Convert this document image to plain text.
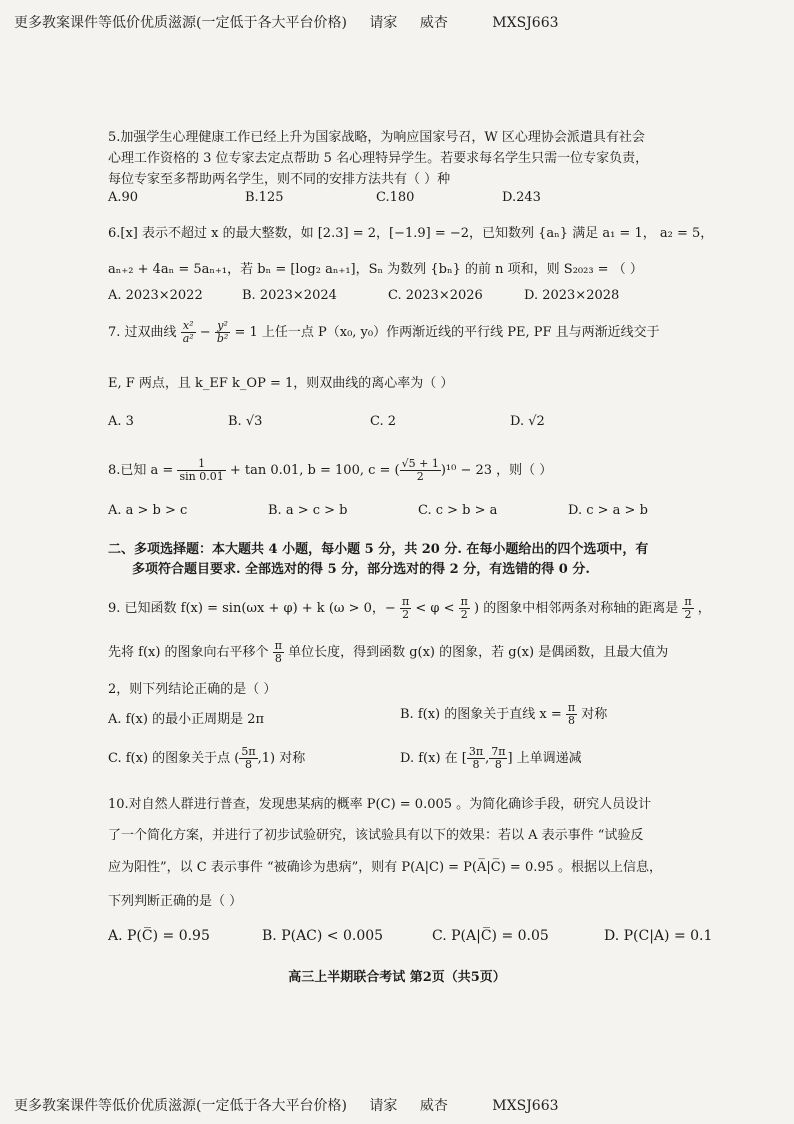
更多教案课件等低价优质滋源(一定低于各大平台价格) 请家 威杏	MXSJ663
5.加强学生心理健康工作已经上升为国家战略，为响应国家号召，W 区心理协会派遣具有社会
心理工作资格的 3 位专家去定点帮助 5 名心理特异学生。若要求每名学生只需一位专家负责，
每位专家至多帮助两名学生，则不同的安排方法共有（ ）种
A.90	B.125	C.180	D.243
6.[x] 表示不超过 x 的最大整数，如 [2.3] = 2，[−1.9] = −2，已知数列 {aₙ} 满足 a₁ = 1， a₂ = 5，
aₙ₊₂ + 4aₙ = 5aₙ₊₁，若 bₙ = [log₂ aₙ₊₁]，Sₙ 为数列 {bₙ} 的前 n 项和，则 S₂₀₂₃ = （ ）
A. 2023×2022	B. 2023×2024	C. 2023×2026	D. 2023×2028
7. 过双曲线 $\frac{\text{x²}}{\text{a²}} - \frac{\text{y²}}{\text{b²}} = 1$ 上任一点 P（x₀, y₀）作两渐近线的平行线 PE, PF 且与两渐近线交于
E, F 两点，且 k_EF k_OP = 1，则双曲线的离心率为（ ）
A. 3	B. √3	C. 2	D. √2
8.已知 $a = \frac{1}{\sin 0.01} + \tan 0.01$, b = 100, c = ( $\frac{√5 + 1}{2} )^{10} - 23$ ，则（ ）
A. a > b > c	B. a > c > b	C. c > b > a	D. c > a > b
二、多项选择题：本大题共 4 小题，每小题 5 分，共 20 分. 在每小题给出的四个选项中，有
多项符合题目要求. 全部选对的得 5 分，部分选对的得 2 分，有选错的得 0 分.
9. 已知函数 f(x) = sin(ωx + φ) + k (ω > 0，− $\frac{\pi}{2} < \varphi < \frac{\pi}{2}$ ) 的图象中相邻两条对称轴的距离是 $\frac{\pi}{2}$ ，
先将 f(x) 的图象向右平移个 $\frac{\pi}{8}$ 单位长度，得到函数 g(x) 的图象，若 g(x) 是偶函数，且最大值为
2，则下列结论正确的是（ ）
A. f(x) 的最小正周期是 2π	B. f(x) 的图象关于直线 $x = \frac{\pi}{8}$ 对称
C. f(x) 的图象关于点 ( $\frac{5\pi}{8} ,1$) 对称	D. f(x) 在 [ $\frac{3\pi}{8}$ , $\frac{7\pi}{8}$ ] 上单调递减
10.对自然人群进行普查，发现患某病的概率 P(C) = 0.005 。为简化确诊手段，研究人员设计
了一个简化方案，并进行了初步试验研究，该试验具有以下的效果：若以 A 表示事件 “试验反
应为阳性”，以 C 表示事件 “被确诊为患病”，则有 P(A|C) = P(A̅|C̅) = 0.95 。根据以上信息，
下列判断正确的是（ ）
A. P(C̅) = 0.95	B. P(AC) < 0.005	C. P(A|C̅) = 0.05	D. P(C|A) = 0.1
高三上半期联合考试 第2页（共5页）
更多教案课件等低价优质滋源(一定低于各大平台价格) 请家 威杏	MXSJ663
